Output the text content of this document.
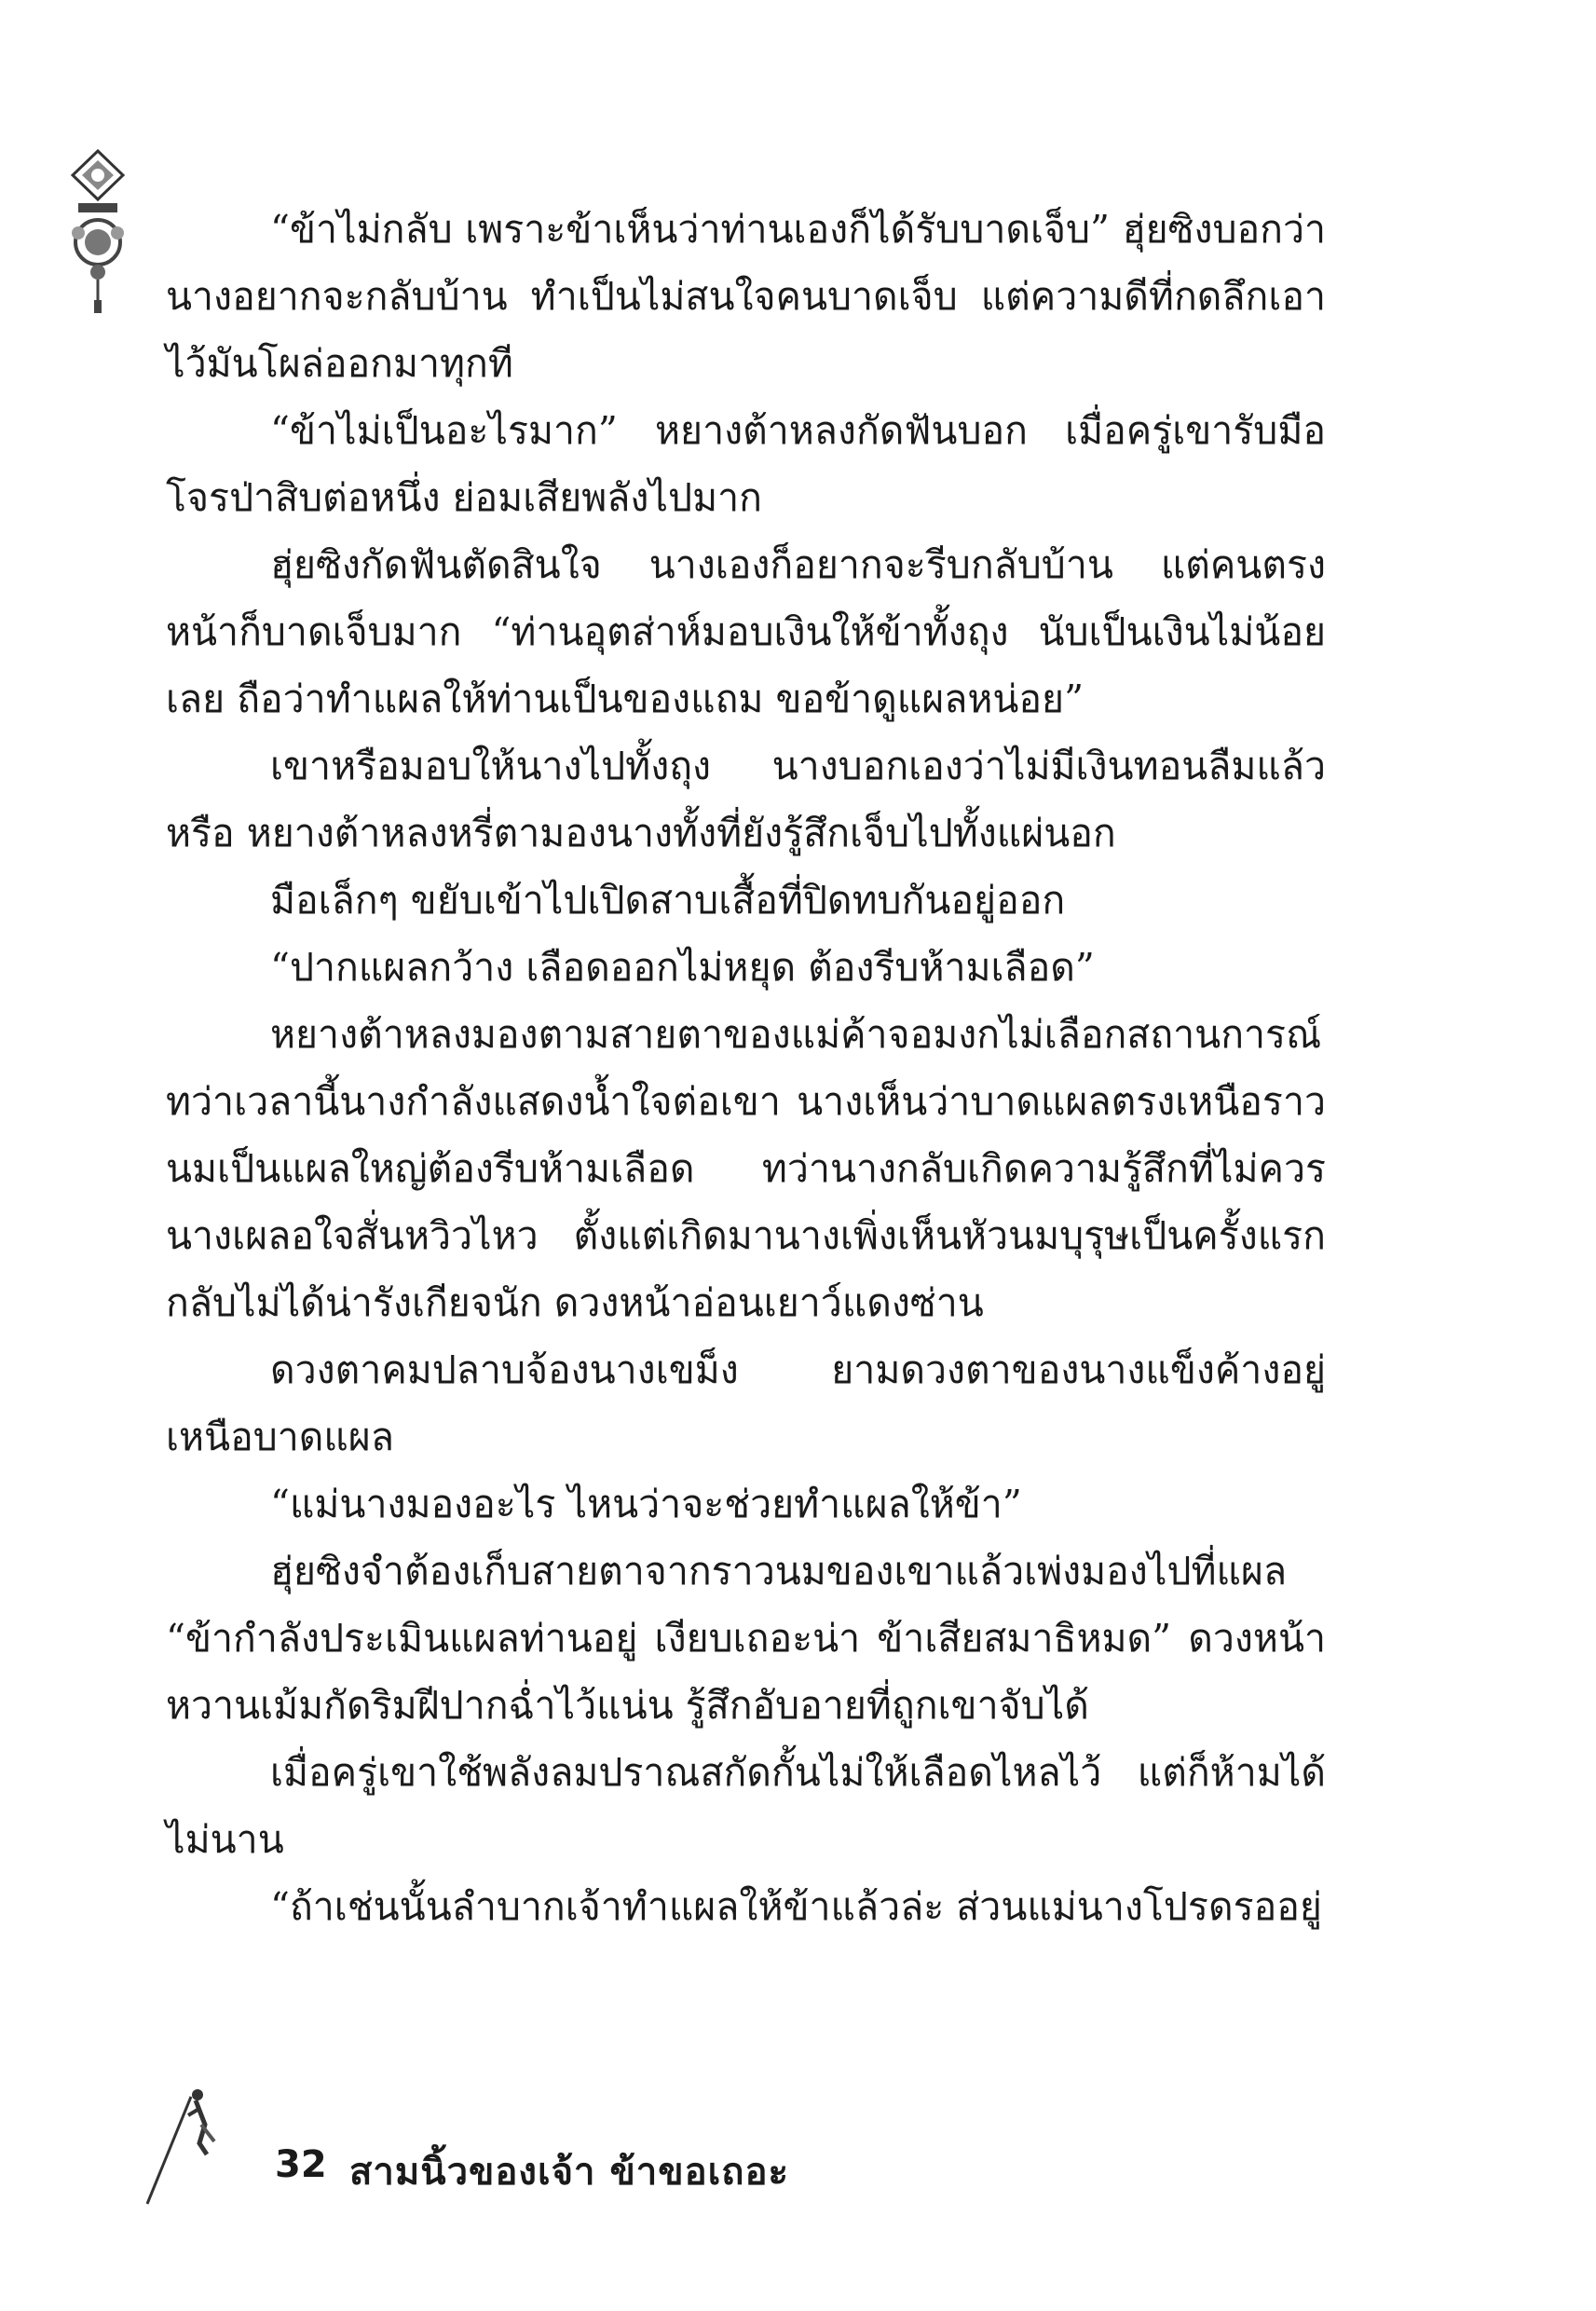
“ข้าไม่กลับ เพราะข้าเห็นว่าท่านเองก็ได้รับบาดเจ็บ” ฮุ่ยซิงบอกว่านางอยากจะกลับบ้าน ทำเป็นไม่สนใจคนบาดเจ็บ แต่ความดีที่กดลึกเอาไว้มันโผล่ออกมาทุกที

“ข้าไม่เป็นอะไรมาก” หยางต้าหลงกัดฟันบอก เมื่อครู่เขารับมือโจรป่าสิบต่อหนึ่ง ย่อมเสียพลังไปมาก

ฮุ่ยซิงกัดฟันตัดสินใจ นางเองก็อยากจะรีบกลับบ้าน แต่คนตรงหน้าก็บาดเจ็บมาก “ท่านอุตส่าห์มอบเงินให้ข้าทั้งถุง นับเป็นเงินไม่น้อยเลย ถือว่าทำแผลให้ท่านเป็นของแถม ขอข้าดูแผลหน่อย”

เขาหรือมอบให้นางไปทั้งถุง นางบอกเองว่าไม่มีเงินทอนลืมแล้วหรือ หยางต้าหลงหรี่ตามองนางทั้งที่ยังรู้สึกเจ็บไปทั้งแผ่นอก

มือเล็กๆ ขยับเข้าไปเปิดสาบเสื้อที่ปิดทบกันอยู่ออก

“ปากแผลกว้าง เลือดออกไม่หยุด ต้องรีบห้ามเลือด”

หยางต้าหลงมองตามสายตาของแม่ค้าจอมงกไม่เลือกสถานการณ์ ทว่าเวลานี้นางกำลังแสดงน้ำใจต่อเขา นางเห็นว่าบาดแผลตรงเหนือราวนมเป็นแผลใหญ่ต้องรีบห้ามเลือด ทว่านางกลับเกิดความรู้สึกที่ไม่ควร นางเผลอใจสั่นหวิวไหว ตั้งแต่เกิดมานางเพิ่งเห็นหัวนมบุรุษเป็นครั้งแรก กลับไม่ได้น่ารังเกียจนัก ดวงหน้าอ่อนเยาว์แดงซ่าน

ดวงตาคมปลาบจ้องนางเขม็ง ยามดวงตาของนางแข็งค้างอยู่เหนือบาดแผล

“แม่นางมองอะไร ไหนว่าจะช่วยทำแผลให้ข้า”

ฮุ่ยซิงจำต้องเก็บสายตาจากราวนมของเขาแล้วเพ่งมองไปที่แผล

“ข้ากำลังประเมินแผลท่านอยู่ เงียบเถอะน่า ข้าเสียสมาธิหมด” ดวงหน้าหวานเม้มกัดริมฝีปากฉ่ำไว้แน่น รู้สึกอับอายที่ถูกเขาจับได้

เมื่อครู่เขาใช้พลังลมปราณสกัดกั้นไม่ให้เลือดไหลไว้ แต่ก็ห้ามได้ไม่นาน

“ถ้าเช่นนั้นลำบากเจ้าทำแผลให้ข้าแล้วล่ะ ส่วนแม่นางโปรดรออยู่

32 สามนิ้วของเจ้า ข้าขอเถอะ
